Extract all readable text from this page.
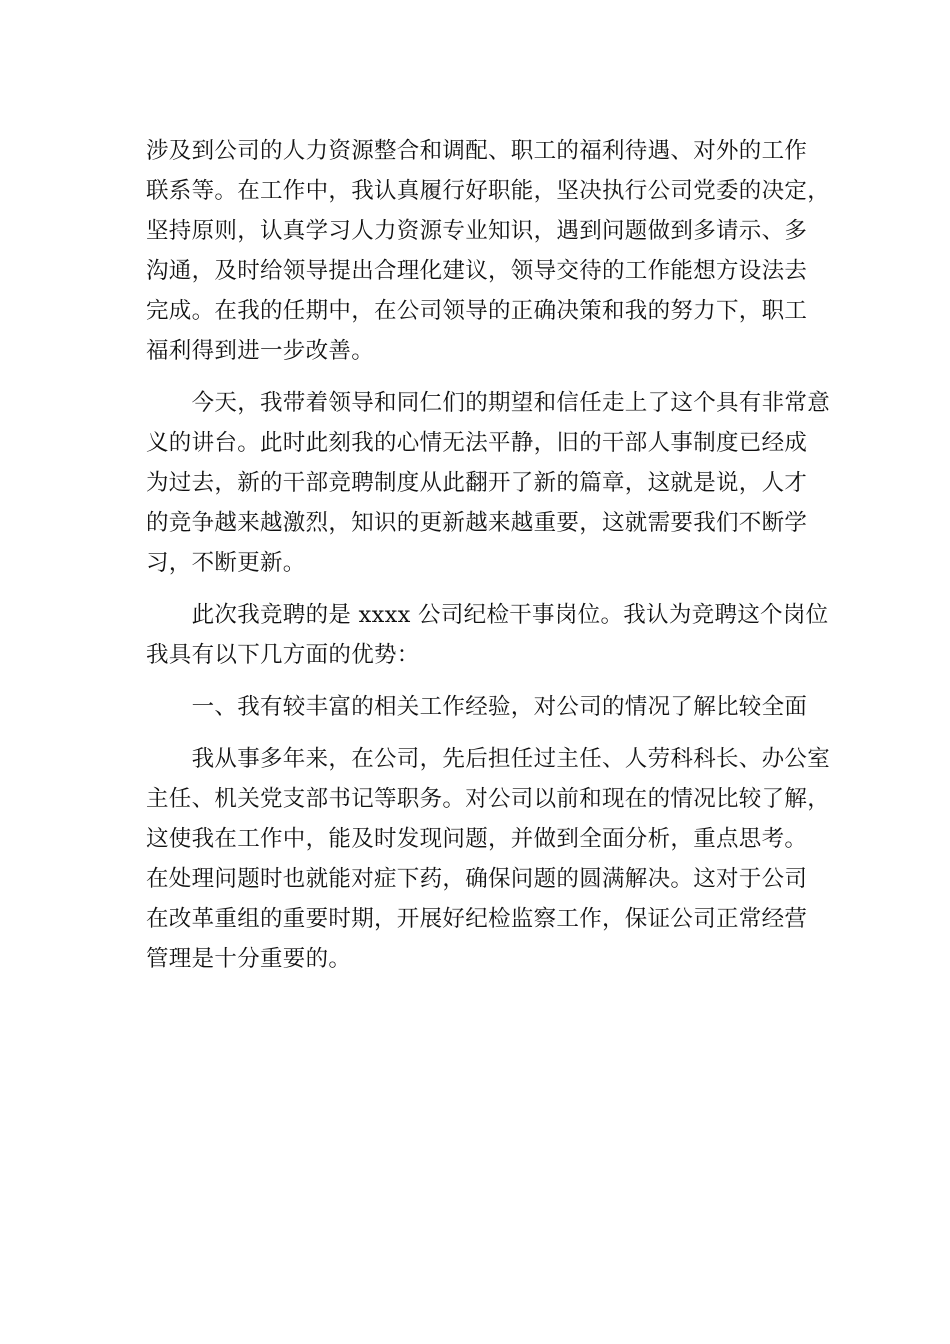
涉及到公司的人力资源整合和调配、职工的福利待遇、对外的工作
联系等。在工作中，我认真履行好职能，坚决执行公司党委的决定，
坚持原则，认真学习人力资源专业知识，遇到问题做到多请示、多
沟通，及时给领导提出合理化建议，领导交待的工作能想方设法去
完成。在我的任期中，在公司领导的正确决策和我的努力下，职工
福利得到进一步改善。
　　今天，我带着领导和同仁们的期望和信任走上了这个具有非常意
义的讲台。此时此刻我的心情无法平静，旧的干部人事制度已经成
为过去，新的干部竞聘制度从此翻开了新的篇章，这就是说，人才
的竞争越来越激烈，知识的更新越来越重要，这就需要我们不断学
习，不断更新。
　　此次我竞聘的是 xxxx 公司纪检干事岗位。我认为竞聘这个岗位
我具有以下几方面的优势：
　　一、我有较丰富的相关工作经验，对公司的情况了解比较全面
　　我从事多年来，在公司，先后担任过主任、人劳科科长、办公室
主任、机关党支部书记等职务。对公司以前和现在的情况比较了解，
这使我在工作中，能及时发现问题，并做到全面分析，重点思考。
在处理问题时也就能对症下药，确保问题的圆满解决。这对于公司
在改革重组的重要时期，开展好纪检监察工作，保证公司正常经营
管理是十分重要的。
